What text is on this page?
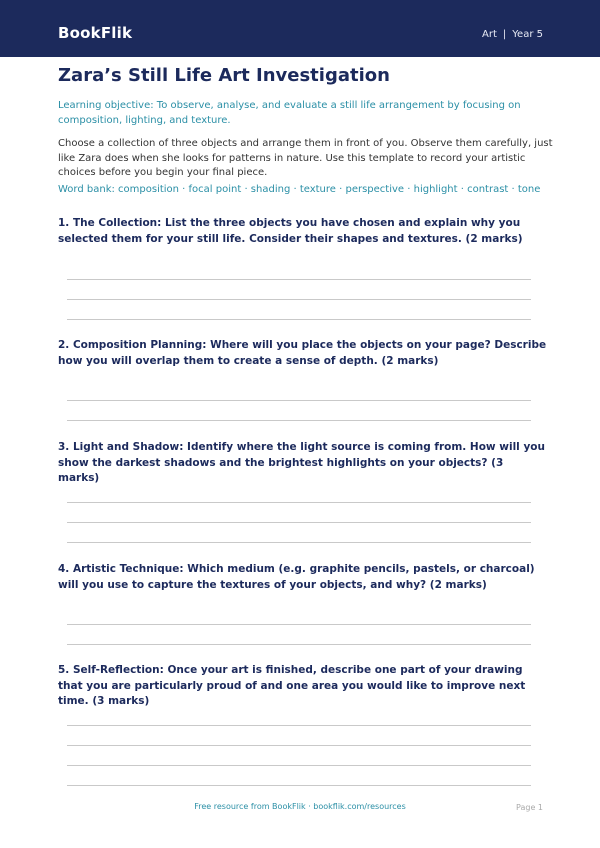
BookFlik	Art | Year 5
Zara’s Still Life Art Investigation
Learning objective: To observe, analyse, and evaluate a still life arrangement by focusing on composition, lighting, and texture.
Choose a collection of three objects and arrange them in front of you. Observe them carefully, just like Zara does when she looks for patterns in nature. Use this template to record your artistic choices before you begin your final piece.
Word bank: composition · focal point · shading · texture · perspective · highlight · contrast · tone
1. The Collection: List the three objects you have chosen and explain why you selected them for your still life. Consider their shapes and textures. (2 marks)
2. Composition Planning: Where will you place the objects on your page? Describe how you will overlap them to create a sense of depth. (2 marks)
3. Light and Shadow: Identify where the light source is coming from. How will you show the darkest shadows and the brightest highlights on your objects? (3 marks)
4. Artistic Technique: Which medium (e.g. graphite pencils, pastels, or charcoal) will you use to capture the textures of your objects, and why? (2 marks)
5. Self-Reflection: Once your art is finished, describe one part of your drawing that you are particularly proud of and one area you would like to improve next time. (3 marks)
Free resource from BookFlik · bookflik.com/resources	Page 1
